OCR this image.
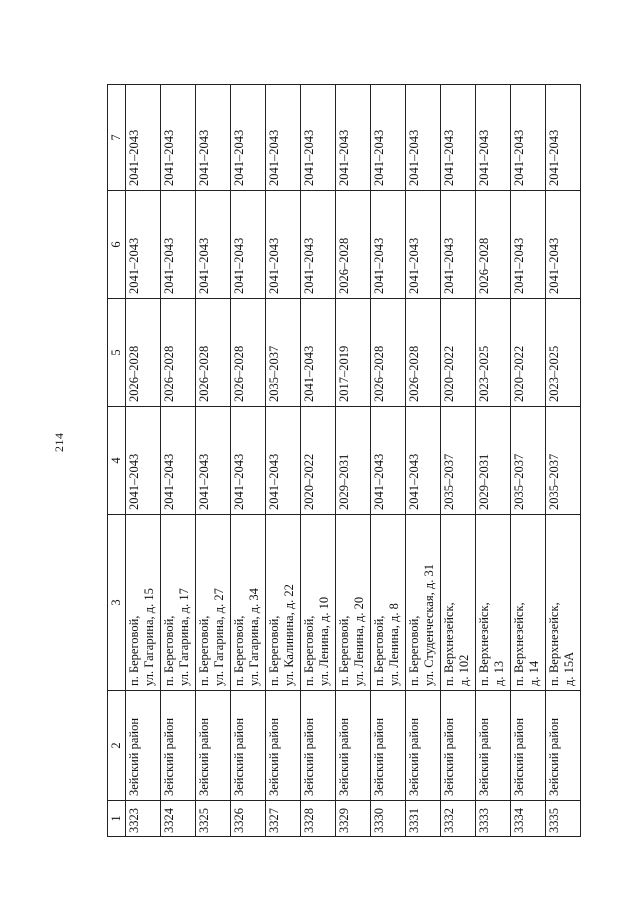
214
1	2	3	4	5	6	7
3323	Зейский район	п. Береговой,
ул. Гагарина, д. 15	2041–2043	2026–2028	2041–2043	2041–2043
3324	Зейский район	п. Береговой,
ул. Гагарина, д. 17	2041–2043	2026–2028	2041–2043	2041–2043
3325	Зейский район	п. Береговой,
ул. Гагарина, д. 27	2041–2043	2026–2028	2041–2043	2041–2043
3326	Зейский район	п. Береговой,
ул. Гагарина, д. 34	2041–2043	2026–2028	2041–2043	2041–2043
3327	Зейский район	п. Береговой,
ул. Калинина, д. 22	2041–2043	2035–2037	2041–2043	2041–2043
3328	Зейский район	п. Береговой,
ул. Ленина, д. 10	2020–2022	2041–2043	2041–2043	2041–2043
3329	Зейский район	п. Береговой,
ул. Ленина, д. 20	2029–2031	2017–2019	2026–2028	2041–2043
3330	Зейский район	п. Береговой,
ул. Ленина, д. 8	2041–2043	2026–2028	2041–2043	2041–2043
3331	Зейский район	п. Береговой,
ул. Студенческая, д. 31	2041–2043	2026–2028	2041–2043	2041–2043
3332	Зейский район	п. Верхнезейск,
д. 102	2035–2037	2020–2022	2041–2043	2041–2043
3333	Зейский район	п. Верхнезейск,
д. 13	2029–2031	2023–2025	2026–2028	2041–2043
3334	Зейский район	п. Верхнезейск,
д. 14	2035–2037	2020–2022	2041–2043	2041–2043
3335	Зейский район	п. Верхнезейск,
д. 15А	2035–2037	2023–2025	2041–2043	2041–2043
